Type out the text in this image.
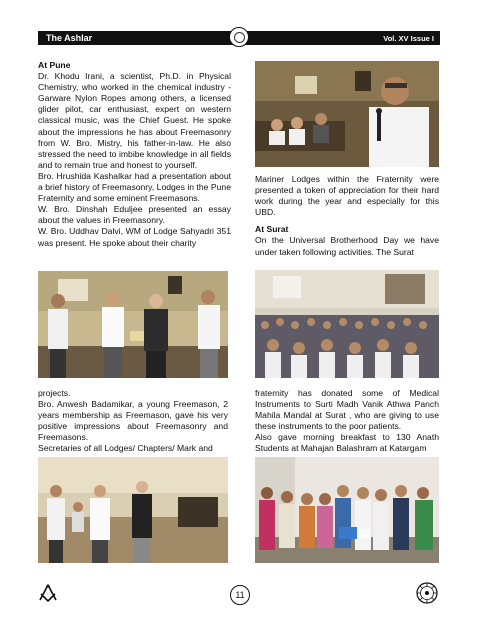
The Ashlar	Vol. XV Issue I

At Pune

Dr. Khodu Irani, a scientist, Ph.D. in Physical Chemistry, who worked in the chemical industry - Garware Nylon Ropes among others, a licensed glider pilot, car enthusiast, expert on western classical music, was the Chief Guest. He spoke about the impressions he has about Freemasonry from W. Bro. Mistry, his father-in-law. He also stressed the need to imbibe knowledge in all fields and to remain true and honest to yourself.

Bro. Hrushida Kashalkar had a presentation about a brief history of Freemasonry, Lodges in the Pune Fraternity and some eminent Freemasons.

W. Bro. Dinshah Eduljee presented an essay about the values in Freemasonry.

W. Bro. Uddhav Dalvi, WM of Lodge Sahyadri 351 was present. He spoke about their charity

Mariner Lodges within the Fraternity were presented a token of appreciation for their hard work during the year and especially for this UBD.

At Surat

On the Universal Brotherhood Day we have under taken following activities. The Surat

projects.

Bro. Anwesh Badamikar, a young Freemason, 2 years membership as Freemason, gave his very positive impressions about Freemasonry and Freemasons.

Secretaries of all Lodges/ Chapters/ Mark and

fraternity has donated some of Medical Instruments to Surti Madh Vanik Athwa Panch Mahila Mandal at Surat , who are giving to use these instruments to the poor patients.

Also gave morning breakfast to 130 Anath Students at Mahajan Balashram at Katargam

11
